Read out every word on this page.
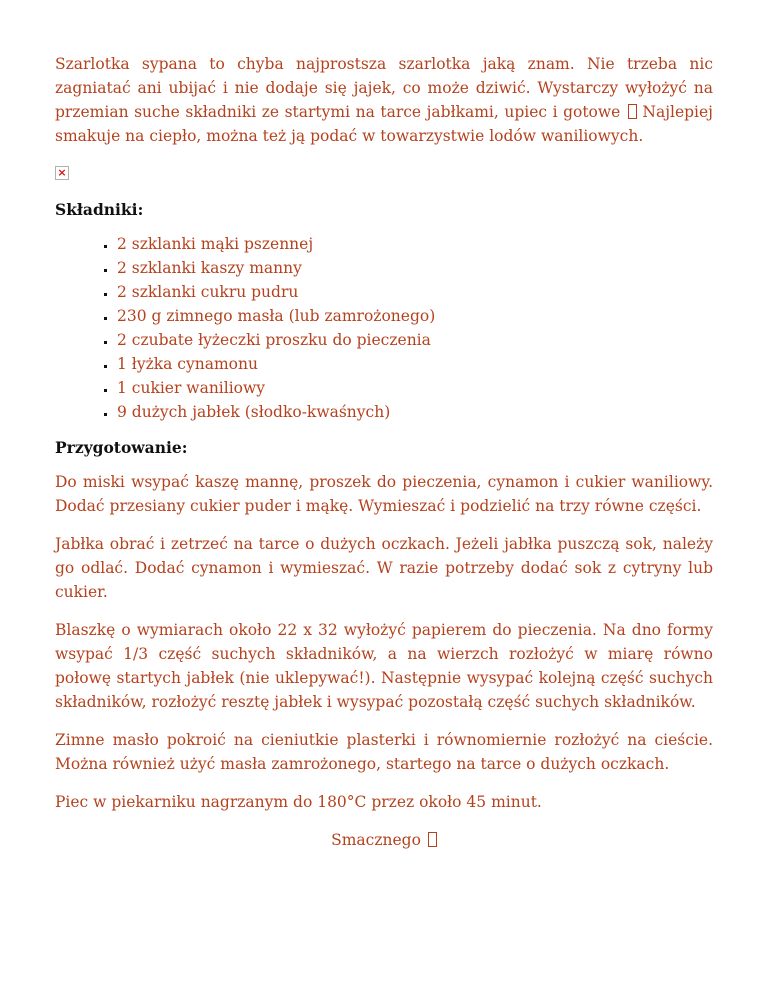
Szarlotka sypana to chyba najprostsza szarlotka jaką znam. Nie trzeba nic zagniatać ani ubijać i nie dodaje się jajek, co może dziwić. Wystarczy wyłożyć na przemian suche składniki ze startymi na tarce jabłkami, upiec i gotowe  Najlepiej smakuje na ciepło, można też ją podać w towarzystwie lodów waniliowych.

×
Składniki:
▪ 2 szklanki mąki pszennej
▪ 2 szklanki kaszy manny
▪ 2 szklanki cukru pudru
▪ 230 g zimnego masła (lub zamrożonego)
▪ 2 czubate łyżeczki proszku do pieczenia
▪ 1 łyżka cynamonu
▪ 1 cukier waniliowy
▪ 9 dużych jabłek (słodko-kwaśnych)
Przygotowanie:

Do miski wsypać kaszę mannę, proszek do pieczenia, cynamon i cukier waniliowy. Dodać przesiany cukier puder i mąkę. Wymieszać i podzielić na trzy równe części.

Jabłka obrać i zetrzeć na tarce o dużych oczkach. Jeżeli jabłka puszczą sok, należy go odlać. Dodać cynamon i wymieszać. W razie potrzeby dodać sok z cytryny lub cukier.

Blaszkę o wymiarach około 22 x 32 wyłożyć papierem do pieczenia. Na dno formy wsypać 1/3 część suchych składników, a na wierzch rozłożyć w miarę równo połowę startych jabłek (nie uklepywać!). Następnie wysypać kolejną część suchych składników, rozłożyć resztę jabłek i wysypać pozostałą część suchych składników.

Zimne masło pokroić na cieniutkie plasterki i równomiernie rozłożyć na cieście. Można również użyć masła zamrożonego, startego na tarce o dużych oczkach.

Piec w piekarniku nagrzanym do 180°C przez około 45 minut.

Smacznego
